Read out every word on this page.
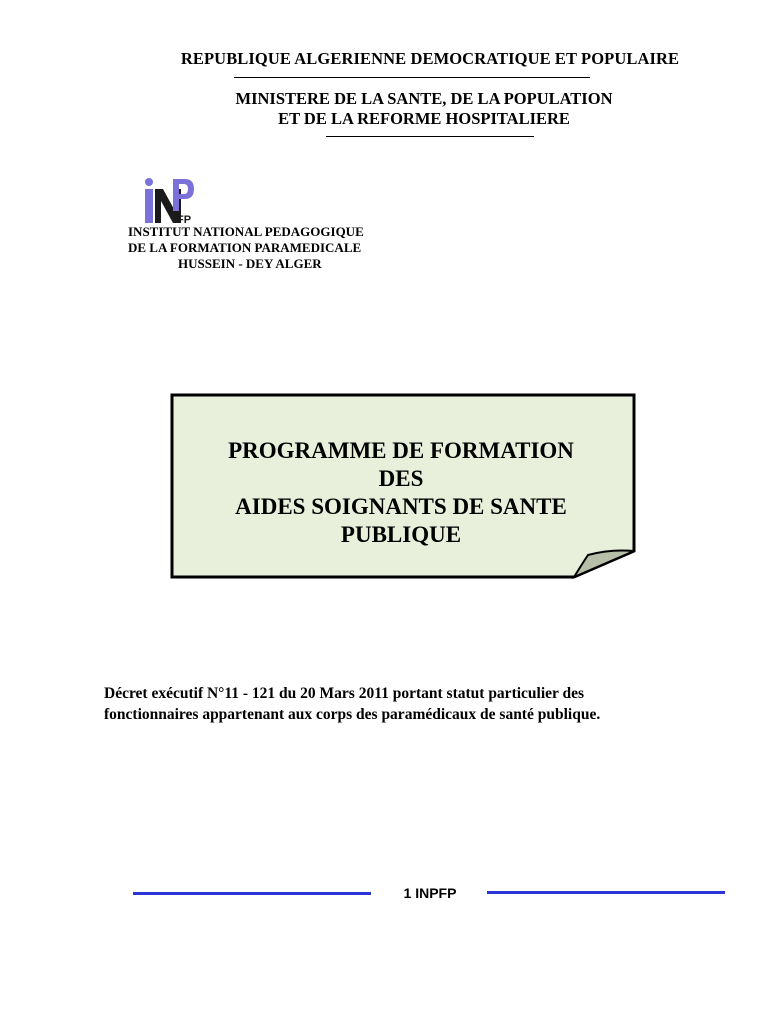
REPUBLIQUE ALGERIENNE DEMOCRATIQUE ET POPULAIRE
MINISTERE DE LA SANTE, DE LA POPULATION
ET DE LA REFORME HOSPITALIERE
FP
INSTITUT NATIONAL PEDAGOGIQUE
DE LA FORMATION PARAMEDICALE
HUSSEIN - DEY ALGER
PROGRAMME DE FORMATION
DES
AIDES SOIGNANTS DE SANTE
PUBLIQUE
Décret exécutif N°11 - 121 du 20 Mars 2011 portant statut particulier des
fonctionnaires appartenant aux corps des paramédicaux de santé publique.
1 INPFP
